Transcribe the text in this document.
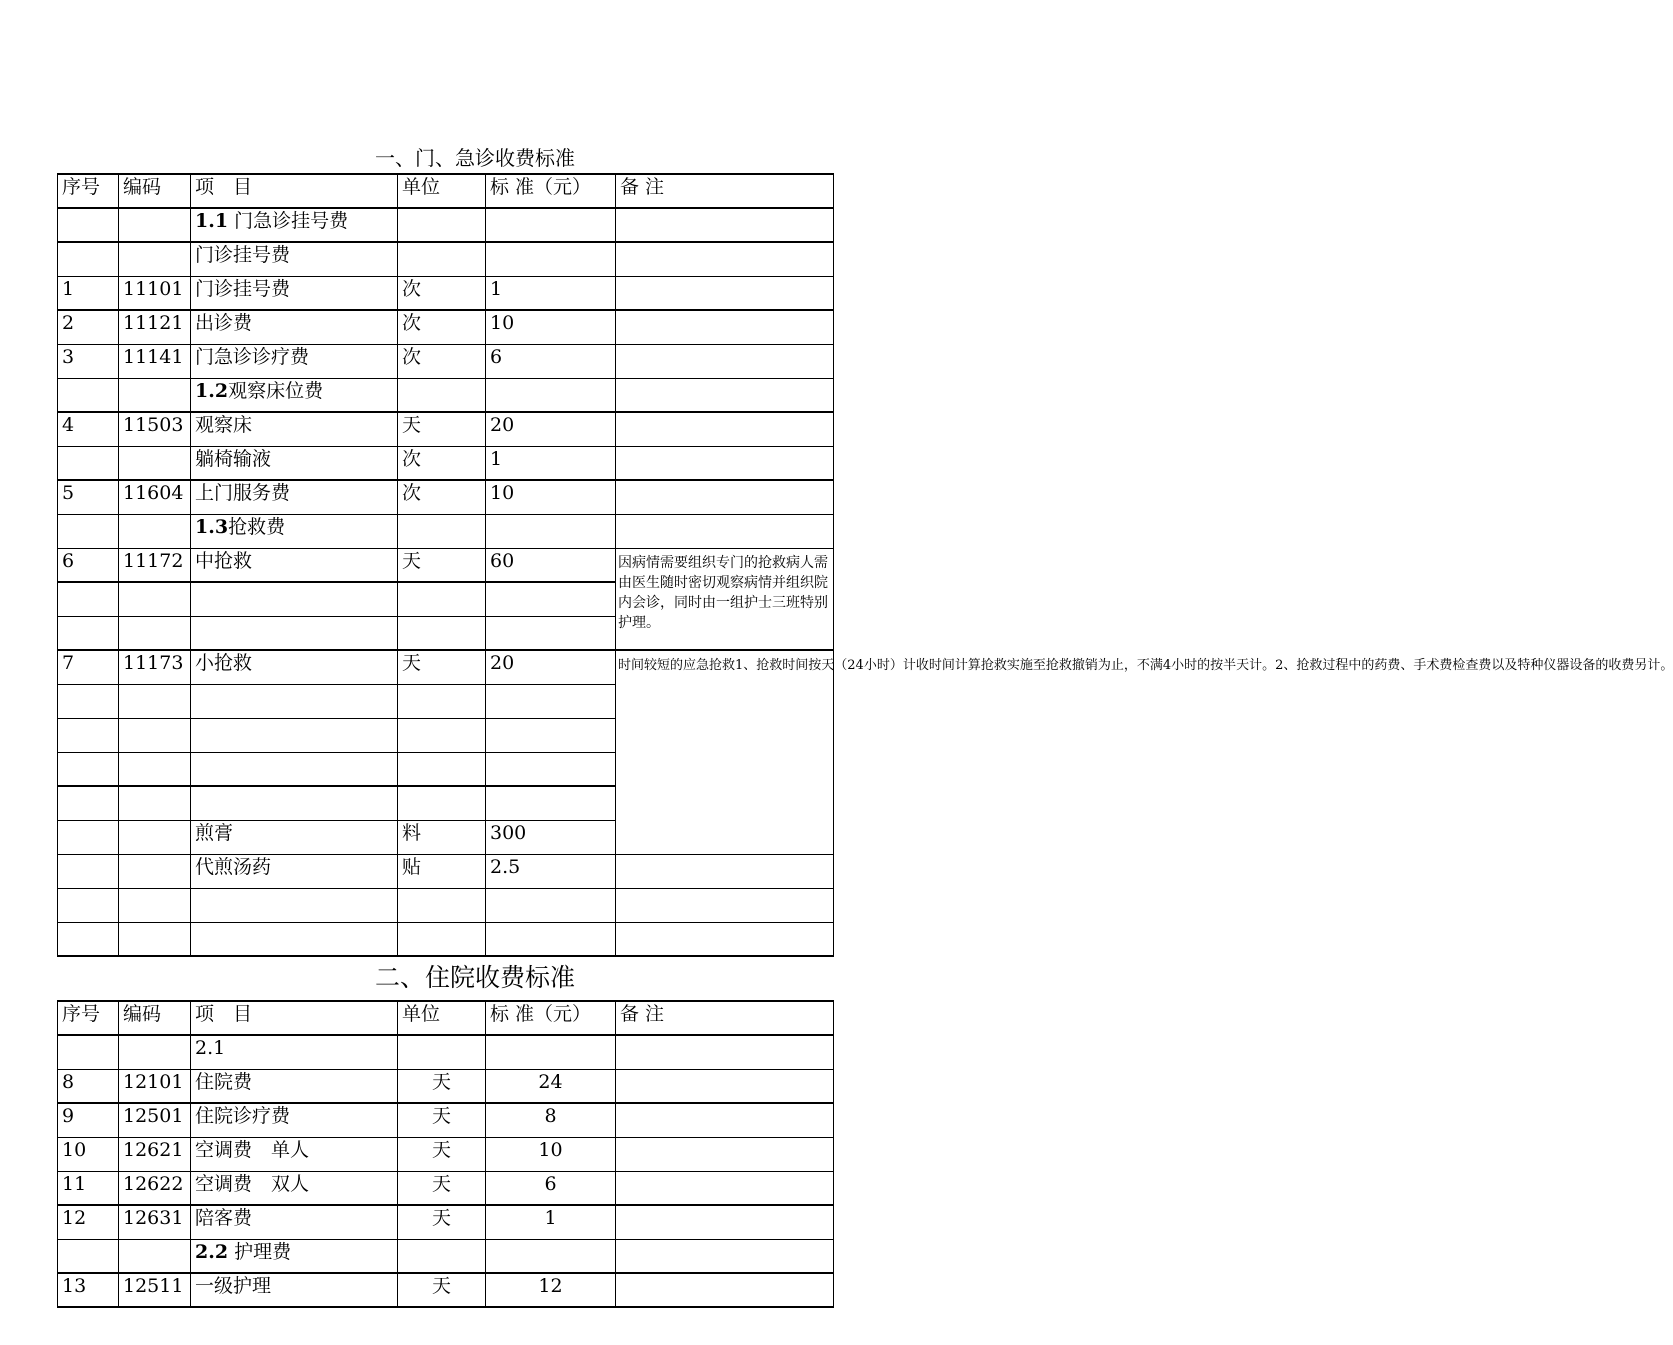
一、门、急诊收费标准
序号	编码	项　目	单位	标 准（元）	备 注
		1.1 门急诊挂号费			
		门诊挂号费			
1	11101	门诊挂号费	次	1	
2	11121	出诊费	次	10	
3	11141	门急诊诊疗费	次	6	
		1.2观察床位费			
4	11503	观察床	天	20	
		躺椅输液	次	1	
5	11604	上门服务费	次	10	
		1.3抢救费			
6	11172	中抢救	天	60	因病情需要组织专门的抢救病人需由医生随时密切观察病情并组织院内会诊，同时由一组护士三班特别护理。

7	11173	小抢救	天	20	时间较短的应急抢救1、抢救时间按天（24小时）计收时间计算抢救实施至抢救撤销为止，不满4小时的按半天计。2、抢救过程中的药费、手术费检查费以及特种仪器设备的收费另计。

		煎膏	料	300	
		代煎汤药	贴	2.5	

二、住院收费标准
序号	编码	项　目	单位	标 准（元）	备 注
		2.1			
8	12101	住院费	天	24	
9	12501	住院诊疗费	天	8	
10	12621	空调费　单人	天	10	
11	12622	空调费　双人	天	6	
12	12631	陪客费	天	1	
		2.2 护理费			
13	12511	一级护理	天	12	
